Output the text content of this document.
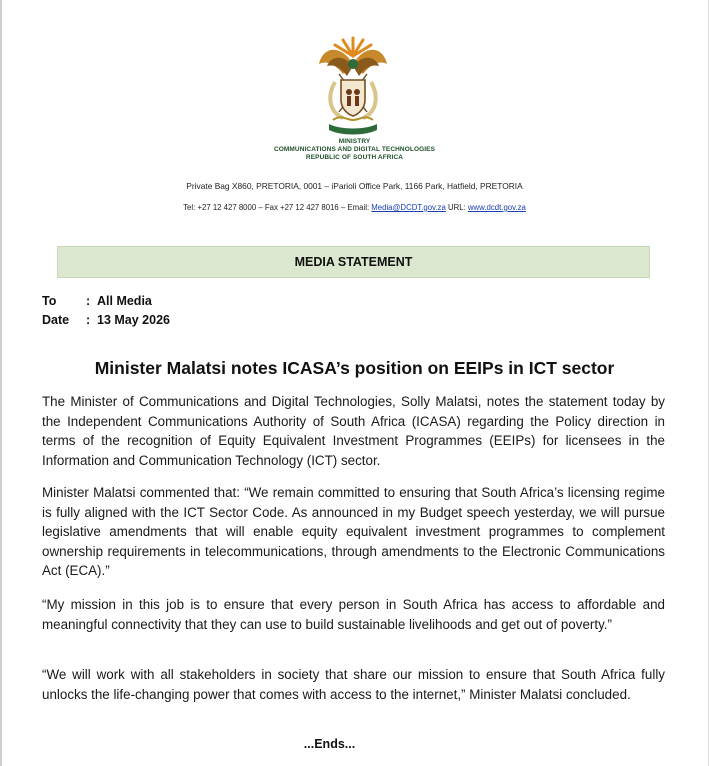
MINISTRY
COMMUNICATIONS AND DIGITAL TECHNOLOGIES
REPUBLIC OF SOUTH AFRICA
Private Bag X860, PRETORIA, 0001 – iParioli Office Park, 1166 Park, Hatfield, PRETORIA
Tel: +27 12 427 8000 – Fax +27 12 427 8016 – Email: Media@DCDT.gov.za URL: www.dcdt.gov.za
MEDIA STATEMENT
To : All Media
Date : 13 May 2026
Minister Malatsi notes ICASA’s position on EEIPs in ICT sector
The Minister of Communications and Digital Technologies, Solly Malatsi, notes the statement today by the Independent Communications Authority of South Africa (ICASA) regarding the Policy direction in terms of the recognition of Equity Equivalent Investment Programmes (EEIPs) for licensees in the Information and Communication Technology (ICT) sector.
Minister Malatsi commented that: “We remain committed to ensuring that South Africa’s licensing regime is fully aligned with the ICT Sector Code. As announced in my Budget speech yesterday, we will pursue legislative amendments that will enable equity equivalent investment programmes to complement ownership requirements in telecommunications, through amendments to the Electronic Communications Act (ECA).”
“My mission in this job is to ensure that every person in South Africa has access to affordable and meaningful connectivity that they can use to build sustainable livelihoods and get out of poverty.”
“We will work with all stakeholders in society that share our mission to ensure that South Africa fully unlocks the life-changing power that comes with access to the internet,” Minister Malatsi concluded.
...Ends...
